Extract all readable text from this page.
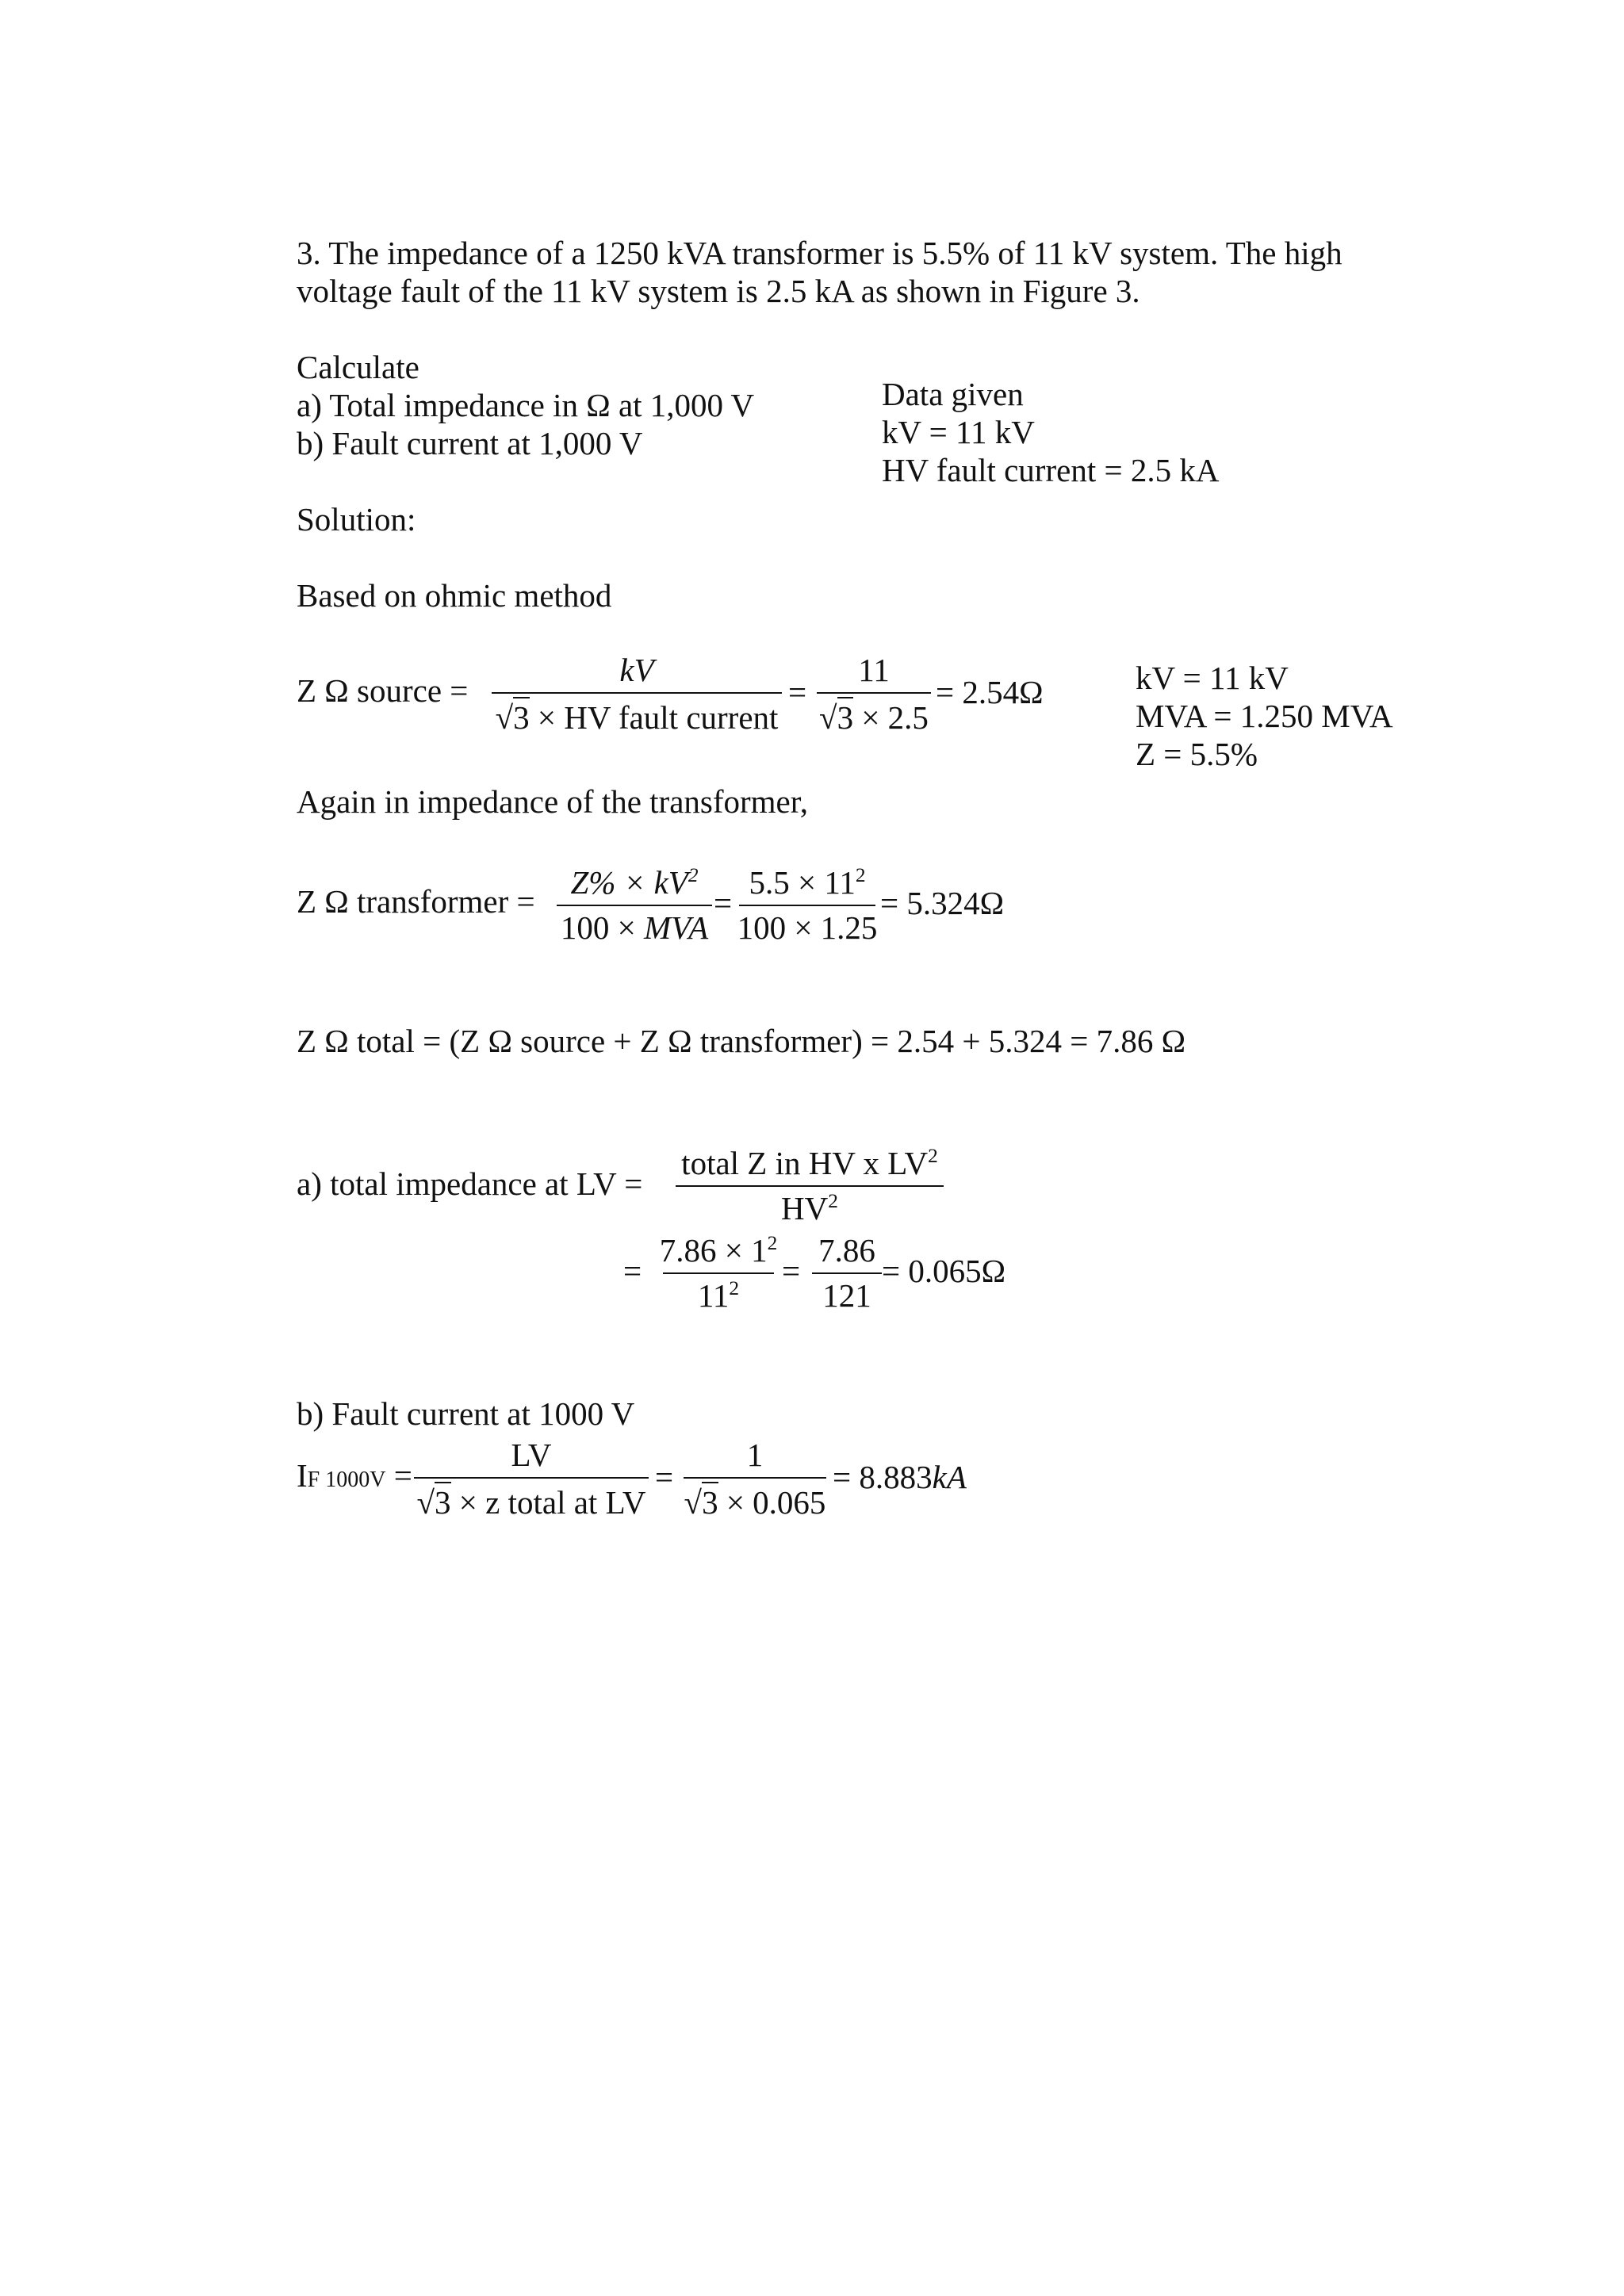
3. The impedance of a 1250 kVA transformer is 5.5% of 11 kV system. The high
voltage fault of the 11 kV system is 2.5 kA as shown in Figure 3.
Calculate
a) Total impedance in Ω at 1,000 V
b) Fault current at 1,000 V
Data given
kV = 11 kV
HV fault current = 2.5 kA
Solution:
Based on ohmic method
Z Ω source =
kV
√3 × HV fault current
=
11
√3 × 2.5
= 2.54Ω	kV = 11 kV
MVA = 1.250 MVA
Z = 5.5%
Again in impedance of the transformer,
Z Ω transformer =
$Z\% \times kV^2$
100 × MVA
=
$5.5 \times 11^2$
100 × 1.25
= 5.324Ω
Z Ω total = (Z Ω source + Z Ω transformer) = 2.54 + 5.324 = 7.86 Ω
a) total impedance at LV =
total Z in HV x $LV^2$
$HV^2$
=
$7.86 \times 1^2$
$11^2$ =
7.86
121
= 0.065Ω
b) Fault current at 1000 V
IF 1000V =
LV
√3 × z total at LV
=
1
√3 × 0.065
= 8.883kA
